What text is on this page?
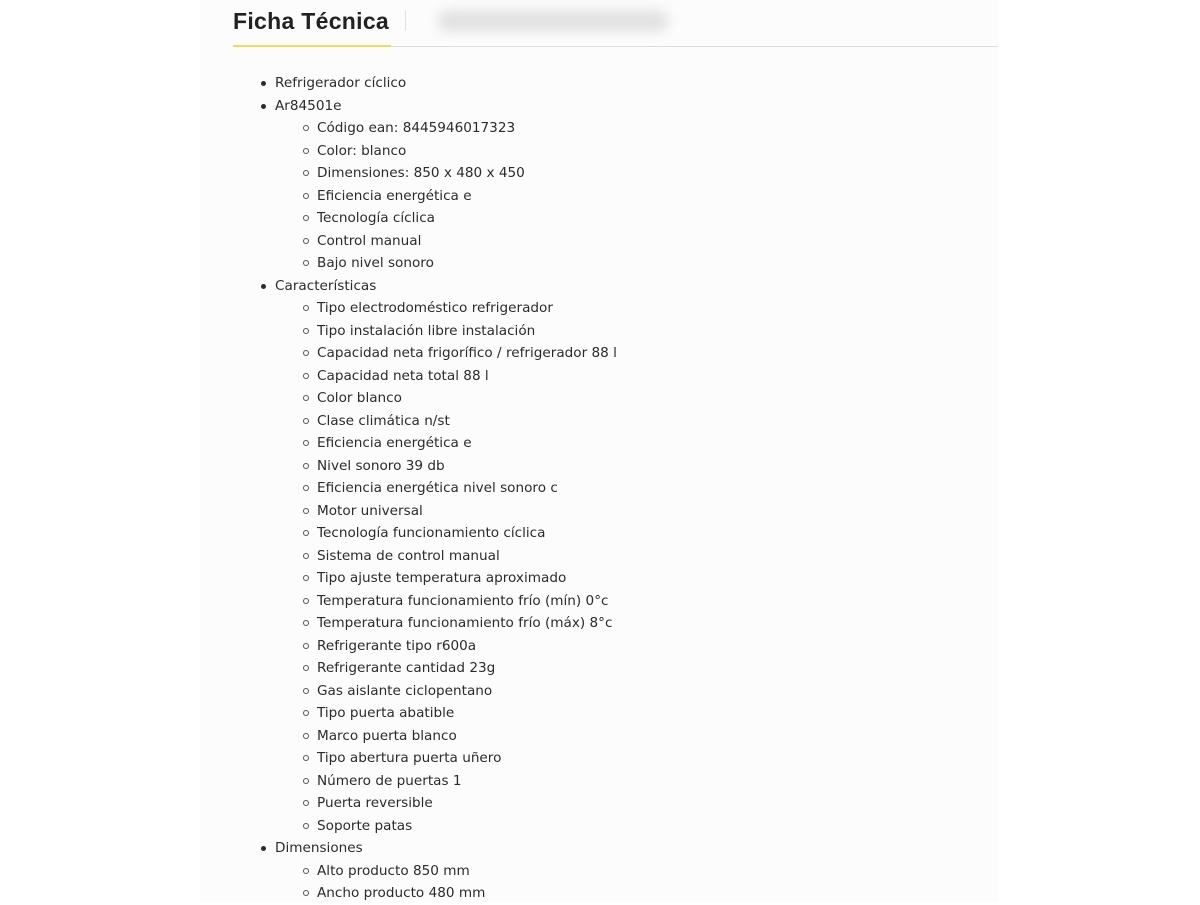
Ficha Técnica
Refrigerador cíclico
Ar84501e
Código ean: 8445946017323
Color: blanco
Dimensiones: 850 x 480 x 450
Eficiencia energética e
Tecnología cíclica
Control manual
Bajo nivel sonoro
Características
Tipo electrodoméstico refrigerador
Tipo instalación libre instalación
Capacidad neta frigorífico / refrigerador 88 l
Capacidad neta total 88 l
Color blanco
Clase climática n/st
Eficiencia energética e
Nivel sonoro 39 db
Eficiencia energética nivel sonoro c
Motor universal
Tecnología funcionamiento cíclica
Sistema de control manual
Tipo ajuste temperatura aproximado
Temperatura funcionamiento frío (mín) 0°c
Temperatura funcionamiento frío (máx) 8°c
Refrigerante tipo r600a
Refrigerante cantidad 23g
Gas aislante ciclopentano
Tipo puerta abatible
Marco puerta blanco
Tipo abertura puerta uñero
Número de puertas 1
Puerta reversible
Soporte patas
Dimensiones
Alto producto 850 mm
Ancho producto 480 mm
